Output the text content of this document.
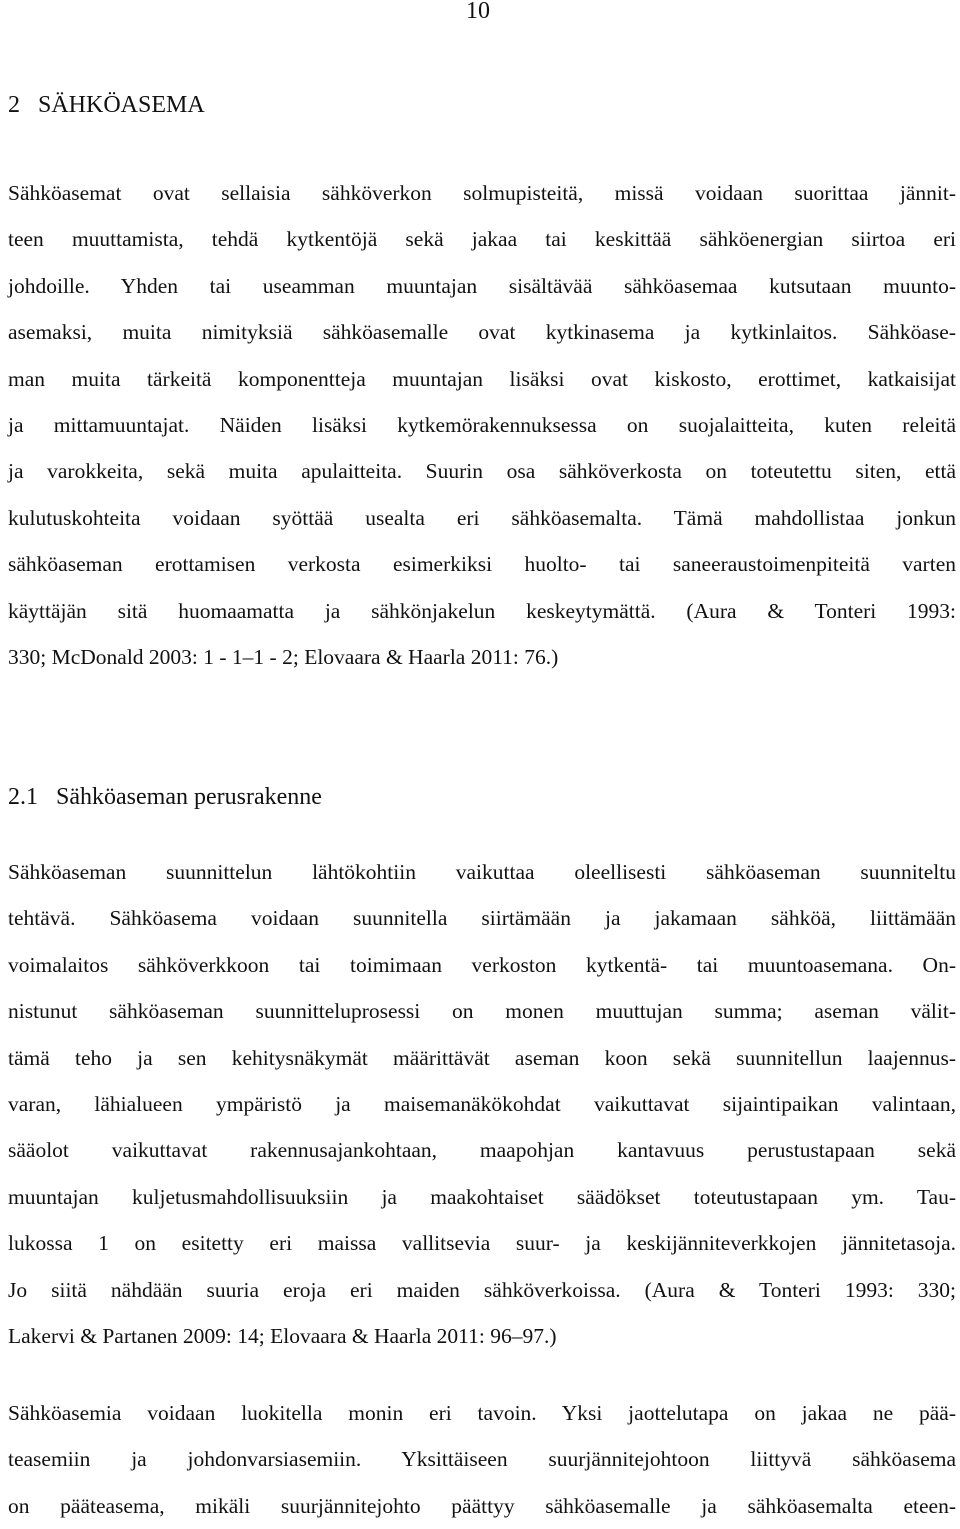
10
2 SÄHKÖASEMA
Sähköasemat ovat sellaisia sähköverkon solmupisteitä, missä voidaan suorittaa jännit-
teen muuttamista, tehdä kytkentöjä sekä jakaa tai keskittää sähköenergian siirtoa eri
johdoille. Yhden tai useamman muuntajan sisältävää sähköasemaa kutsutaan muunto-
asemaksi, muita nimityksiä sähköasemalle ovat kytkinasema ja kytkinlaitos. Sähköase-
man muita tärkeitä komponentteja muuntajan lisäksi ovat kiskosto, erottimet, katkaisijat
ja mittamuuntajat. Näiden lisäksi kytkemörakennuksessa on suojalaitteita, kuten releitä
ja varokkeita, sekä muita apulaitteita. Suurin osa sähköverkosta on toteutettu siten, että
kulutuskohteita voidaan syöttää usealta eri sähköasemalta. Tämä mahdollistaa jonkun
sähköaseman erottamisen verkosta esimerkiksi huolto- tai saneeraustoimenpiteitä varten
käyttäjän sitä huomaamatta ja sähkönjakelun keskeytymättä. (Aura & Tonteri 1993:
330; McDonald 2003: 1 - 1–1 - 2; Elovaara & Haarla 2011: 76.)
2.1 Sähköaseman perusrakenne
Sähköaseman suunnittelun lähtökohtiin vaikuttaa oleellisesti sähköaseman suunniteltu
tehtävä. Sähköasema voidaan suunnitella siirtämään ja jakamaan sähköä, liittämään
voimalaitos sähköverkkoon tai toimimaan verkoston kytkentä- tai muuntoasemana. On-
nistunut sähköaseman suunnitteluprosessi on monen muuttujan summa; aseman välit-
tämä teho ja sen kehitysnäkymät määrittävät aseman koon sekä suunnitellun laajennus-
varan, lähialueen ympäristö ja maisemanäkökohdat vaikuttavat sijaintipaikan valintaan,
sääolot vaikuttavat rakennusajankohtaan, maapohjan kantavuus perustustapaan sekä
muuntajan kuljetusmahdollisuuksiin ja maakohtaiset säädökset toteutustapaan ym. Tau-
lukossa 1 on esitetty eri maissa vallitsevia suur- ja keskijänniteverkkojen jännitetasoja.
Jo siitä nähdään suuria eroja eri maiden sähköverkoissa. (Aura & Tonteri 1993: 330;
Lakervi & Partanen 2009: 14; Elovaara & Haarla 2011: 96–97.)
Sähköasemia voidaan luokitella monin eri tavoin. Yksi jaottelutapa on jakaa ne pää-
teasemiin ja johdonvarsiasemiin. Yksittäiseen suurjännitejohtoon liittyvä sähköasema
on pääteasema, mikäli suurjännitejohto päättyy sähköasemalle ja sähköasemalta eteen-
